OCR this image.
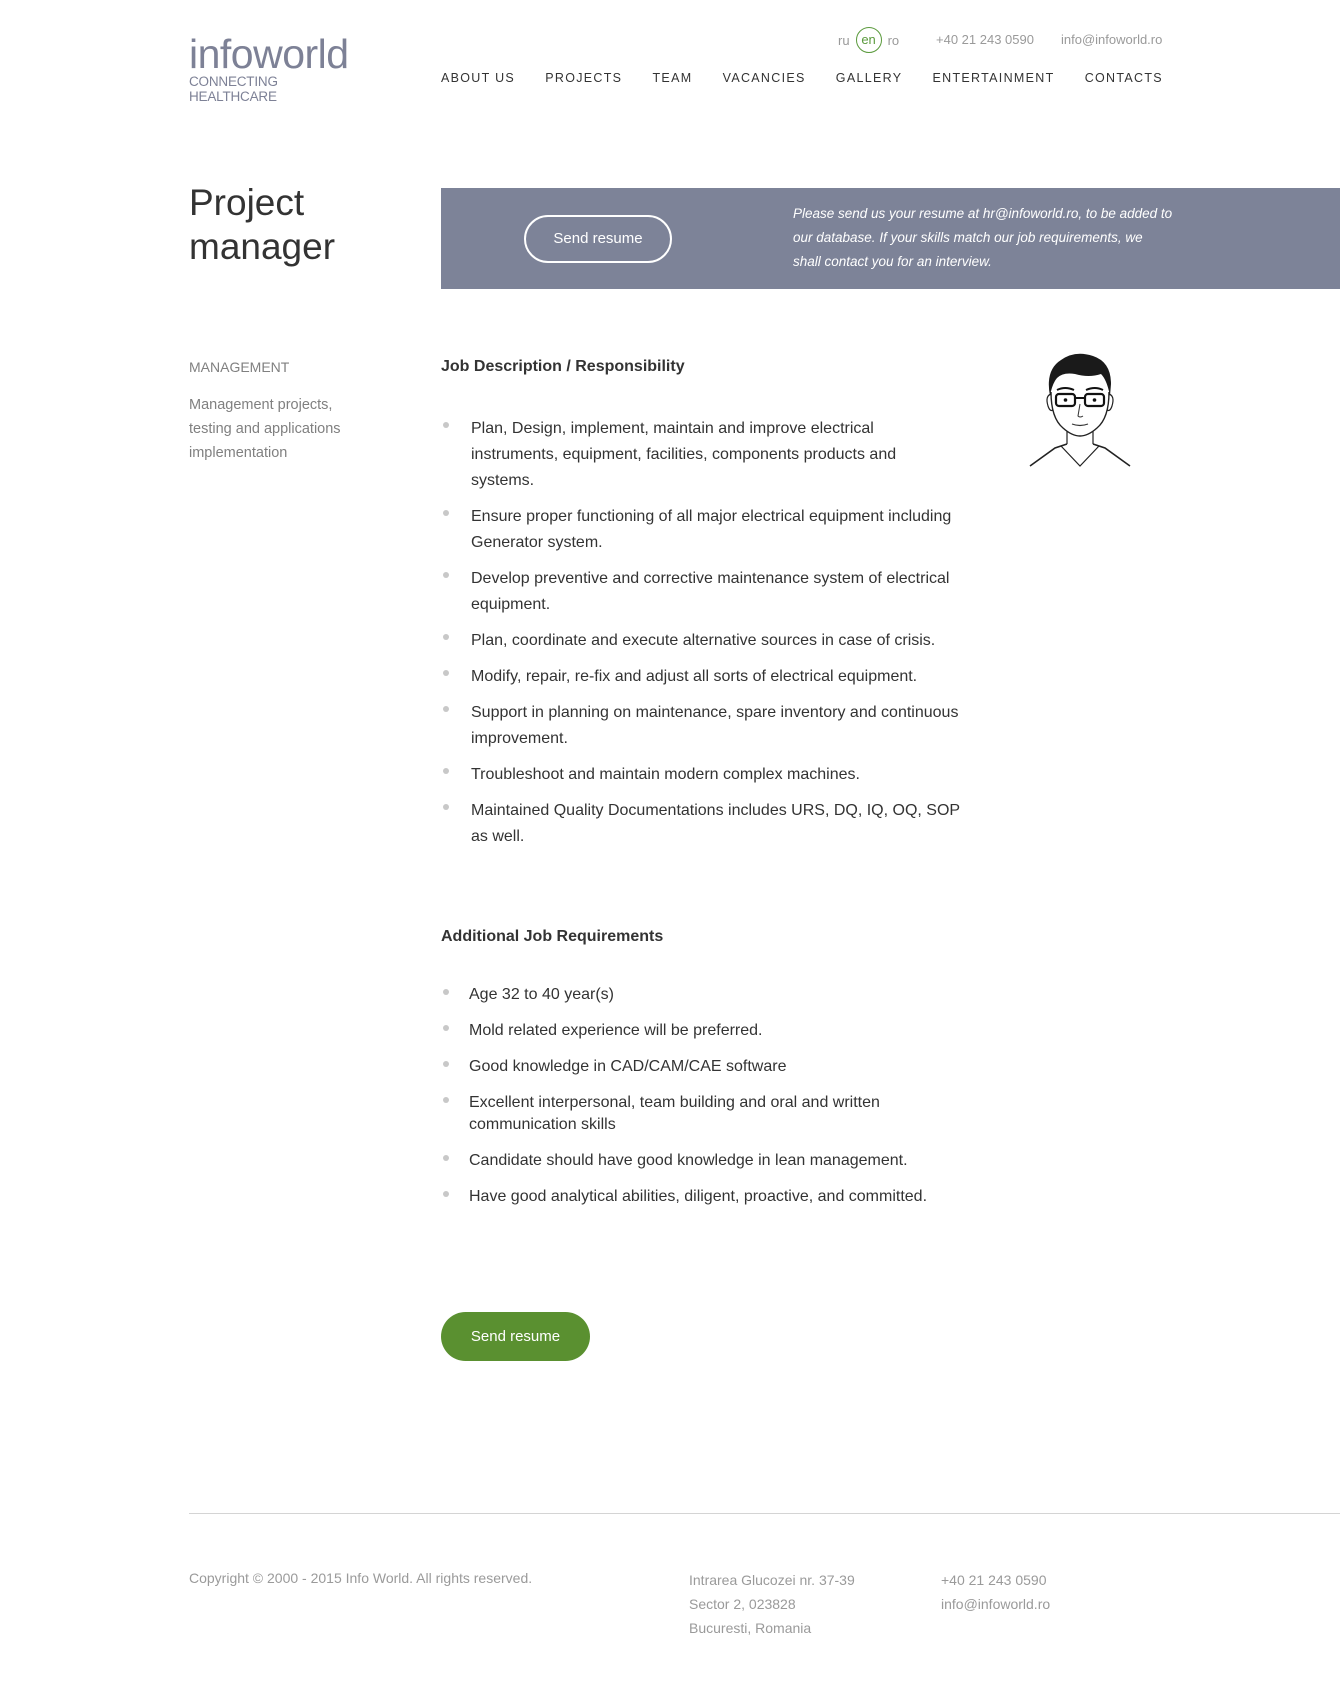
infoworld
CONNECTING HEALTHCARE
ru en ro	+40 21 243 0590 info@infoworld.ro
ABOUT US PROJECTS TEAM VACANCIES GALLERY ENTERTAINMENT CONTACTS
Project
manager	Send resume

Please send us your resume at hr@infoworld.ro, to be added to our database. If your skills match our job requirements, we shall contact you for an interview.

MANAGEMENT
Management projects, testing and applications implementation
Job Description / Responsibility
Plan, Design, implement, maintain and improve electrical instruments, equipment, facilities, components products and systems.
Ensure proper functioning of all major electrical equipment including Generator system.
Develop preventive and corrective maintenance system of electrical equipment.
Plan, coordinate and execute alternative sources in case of crisis.
Modify, repair, re-fix and adjust all sorts of electrical equipment.
Support in planning on maintenance, spare inventory and continuous improvement.
Troubleshoot and maintain modern complex machines.
Maintained Quality Documentations includes URS, DQ, IQ, OQ, SOP as well.
Additional Job Requirements
Age 32 to 40 year(s)
Mold related experience will be preferred.
Good knowledge in CAD/CAM/CAE software
Excellent interpersonal, team building and oral and written communication skills
Candidate should have good knowledge in lean management.
Have good analytical abilities, diligent, proactive, and committed.
Send resume
Copyright © 2000 - 2015 Info World. All rights reserved.	Intrarea Glucozei nr. 37-39
Sector 2, 023828
Bucuresti, Romania
+40 21 243 0590
info@infoworld.ro
